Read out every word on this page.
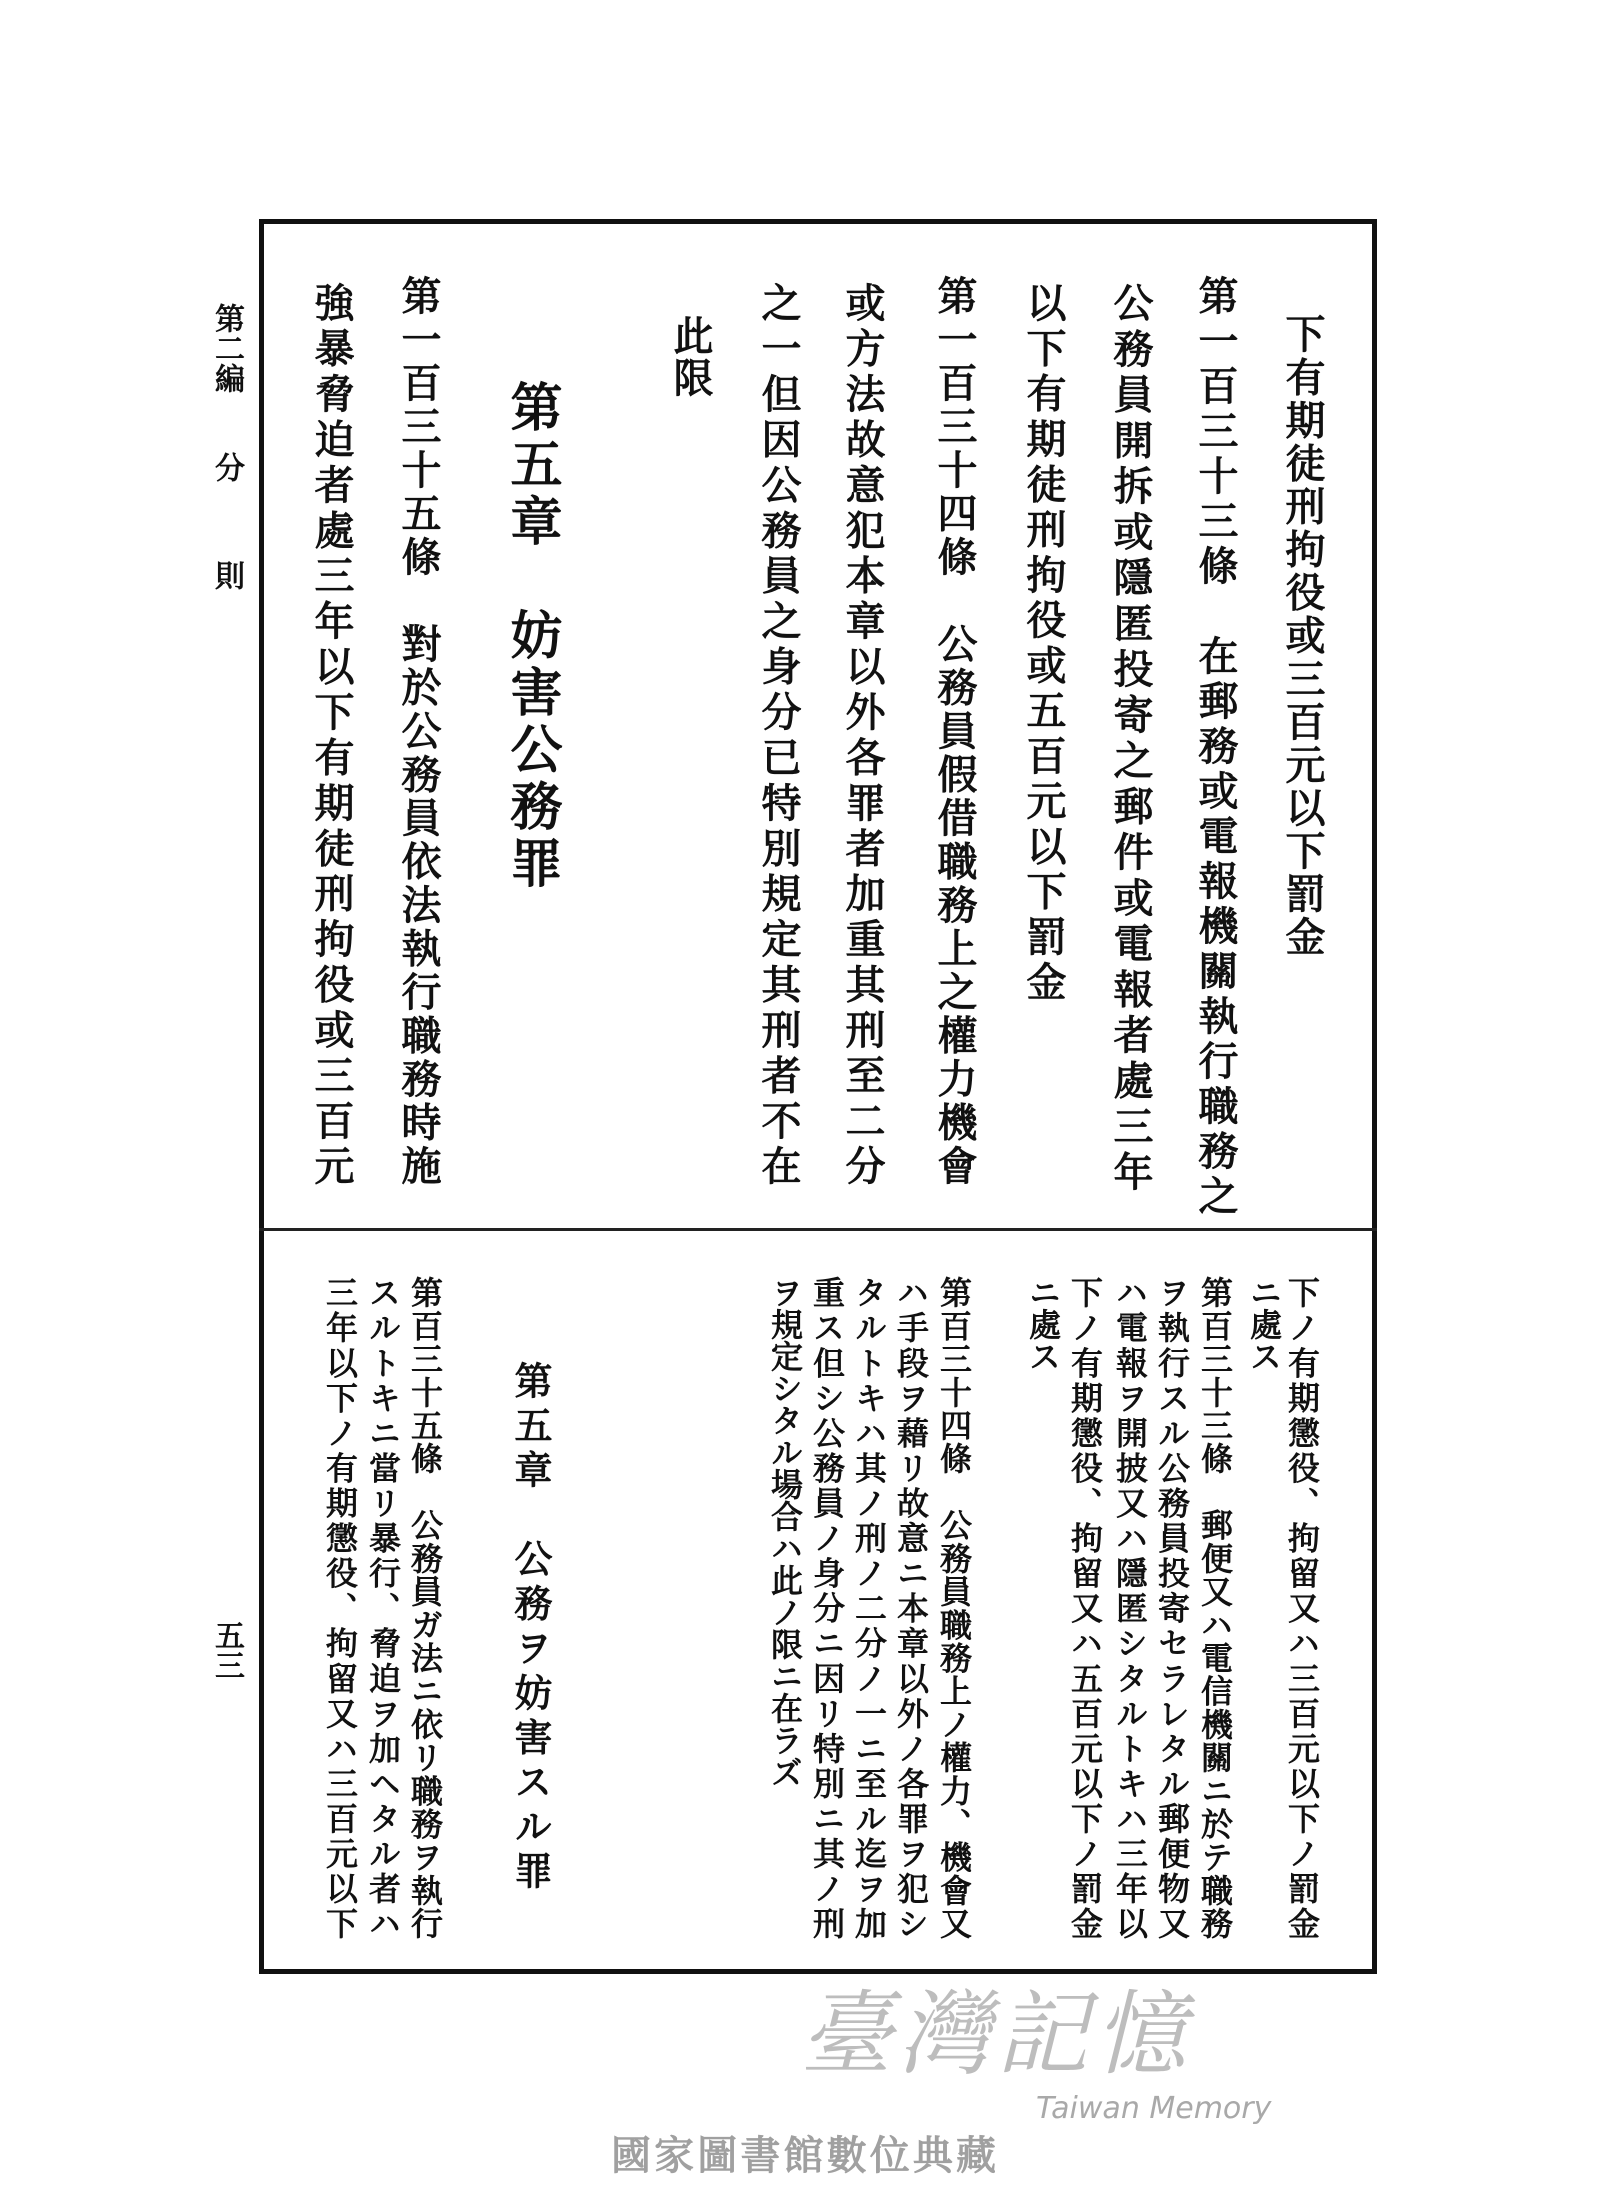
第二編
分
則
五三
下有期徒刑拘役或三百元以下罰金
第一百三十三條　在郵務或電報機關執行職務之
公務員開拆或隱匿投寄之郵件或電報者處三年
以下有期徒刑拘役或五百元以下罰金
第一百三十四條　公務員假借職務上之權力機會
或方法故意犯本章以外各罪者加重其刑至二分
之一但因公務員之身分已特別規定其刑者不在
此限
第五章　妨害公務罪
第一百三十五條　對於公務員依法執行職務時施
強暴脅迫者處三年以下有期徒刑拘役或三百元
下ノ有期懲役、拘留又ハ三百元以下ノ罰金
ニ處ス
第百三十三條　郵便又ハ電信機關ニ於テ職務
ヲ執行スル公務員投寄セラレタル郵便物又
ハ電報ヲ開披又ハ隱匿シタルトキハ三年以
下ノ有期懲役、拘留又ハ五百元以下ノ罰金
ニ處ス
第百三十四條　公務員職務上ノ權力、機會又
ハ手段ヲ藉リ故意ニ本章以外ノ各罪ヲ犯シ
タルトキハ其ノ刑ノ二分ノ一ニ至ル迄ヲ加
重ス但シ公務員ノ身分ニ因リ特別ニ其ノ刑
ヲ規定シタル場合ハ此ノ限ニ在ラズ
第五章　公務ヲ妨害スル罪
第百三十五條　公務員ガ法ニ依リ職務ヲ執行
スルトキニ當リ暴行、脅迫ヲ加ヘタル者ハ
三年以下ノ有期懲役、拘留又ハ三百元以下
臺灣記憶
Taiwan Memory
國家圖書館數位典藏
